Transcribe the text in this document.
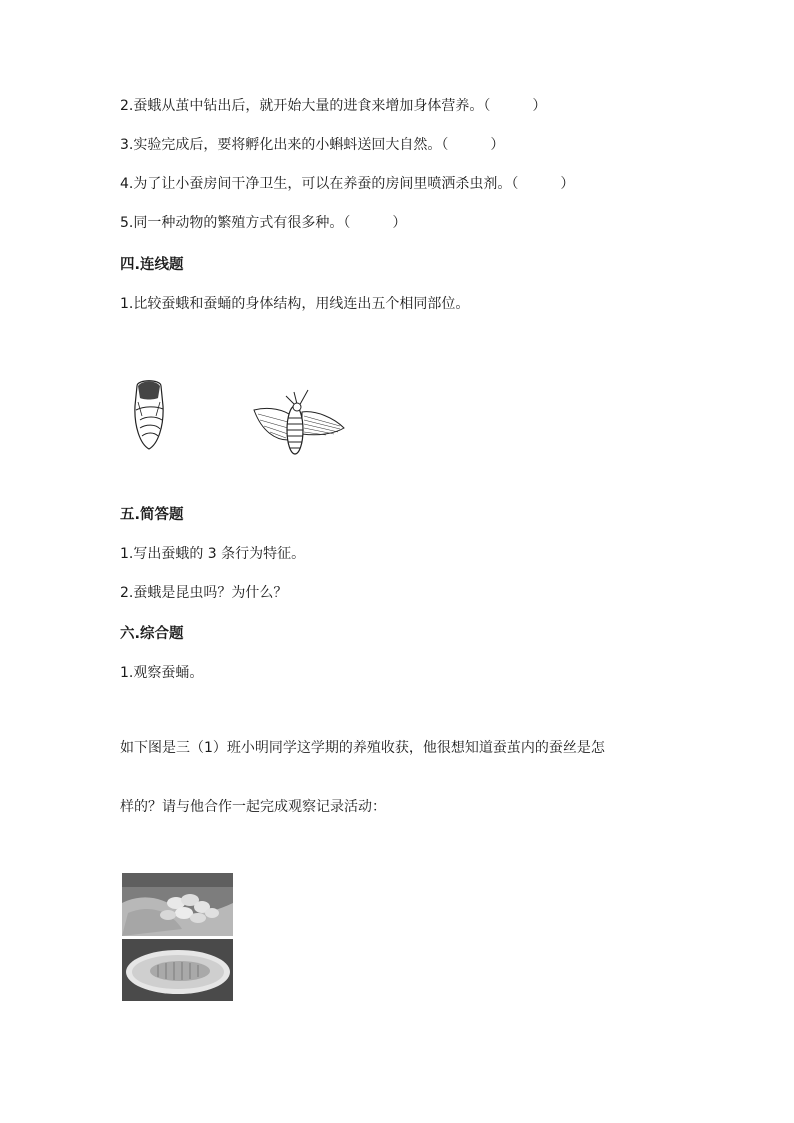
2.蚕蛾从茧中钻出后，就开始大量的进食来增加身体营养。（　　　）
3.实验完成后，要将孵化出来的小蝌蚪送回大自然。（　　　）
4.为了让小蚕房间干净卫生，可以在养蚕的房间里喷洒杀虫剂。（　　　）
5.同一种动物的繁殖方式有很多种。（　　　）
四.连线题
1.比较蚕蛾和蚕蛹的身体结构，用线连出五个相同部位。
五.简答题
1.写出蚕蛾的 3 条行为特征。
2.蚕蛾是昆虫吗？为什么？
六.综合题
1.观察蚕蛹。
如下图是三（1）班小明同学这学期的养殖收获，他很想知道蚕茧内的蚕丝是怎
样的？请与他合作一起完成观察记录活动：
